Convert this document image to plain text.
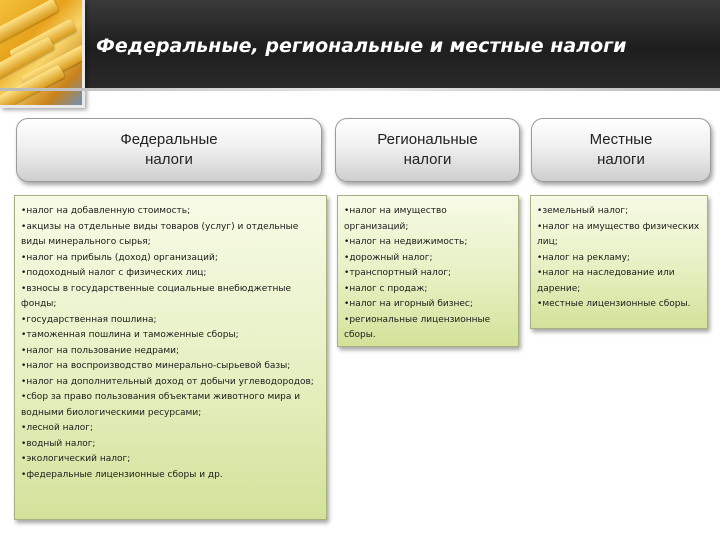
Федеральные, региональные и местные налоги
Федеральные
налоги
Региональные
налоги
Местные
налоги
• налог на добавленную стоимость;
• акцизы на отдельные виды товаров (услуг) и отдельные виды минерального сырья;
• налог на прибыль (доход) организаций;
• подоходный налог с физических лиц;
• взносы в государственные социальные внебюджетные фонды;
• государственная пошлина;
• таможенная пошлина и таможенные сборы;
• налог на пользование недрами;
• налог на воспроизводство минерально-сырьевой базы;
• налог на дополнительный доход от добычи углеводородов;
• сбор за право пользования объектами животного мира и водными биологическими ресурсами;
• лесной налог;
• водный налог;
• экологический налог;
• федеральные лицензионные сборы и др.
• налог на имущество организаций;
• налог на недвижимость;
• дорожный налог;
• транспортный налог;
• налог с продаж;
• налог на игорный бизнес;
• региональные лицензионные сборы.
• земельный налог;
• налог на имущество физических лиц;
• налог на рекламу;
• налог на наследование или дарение;
• местные лицензионные сборы.
